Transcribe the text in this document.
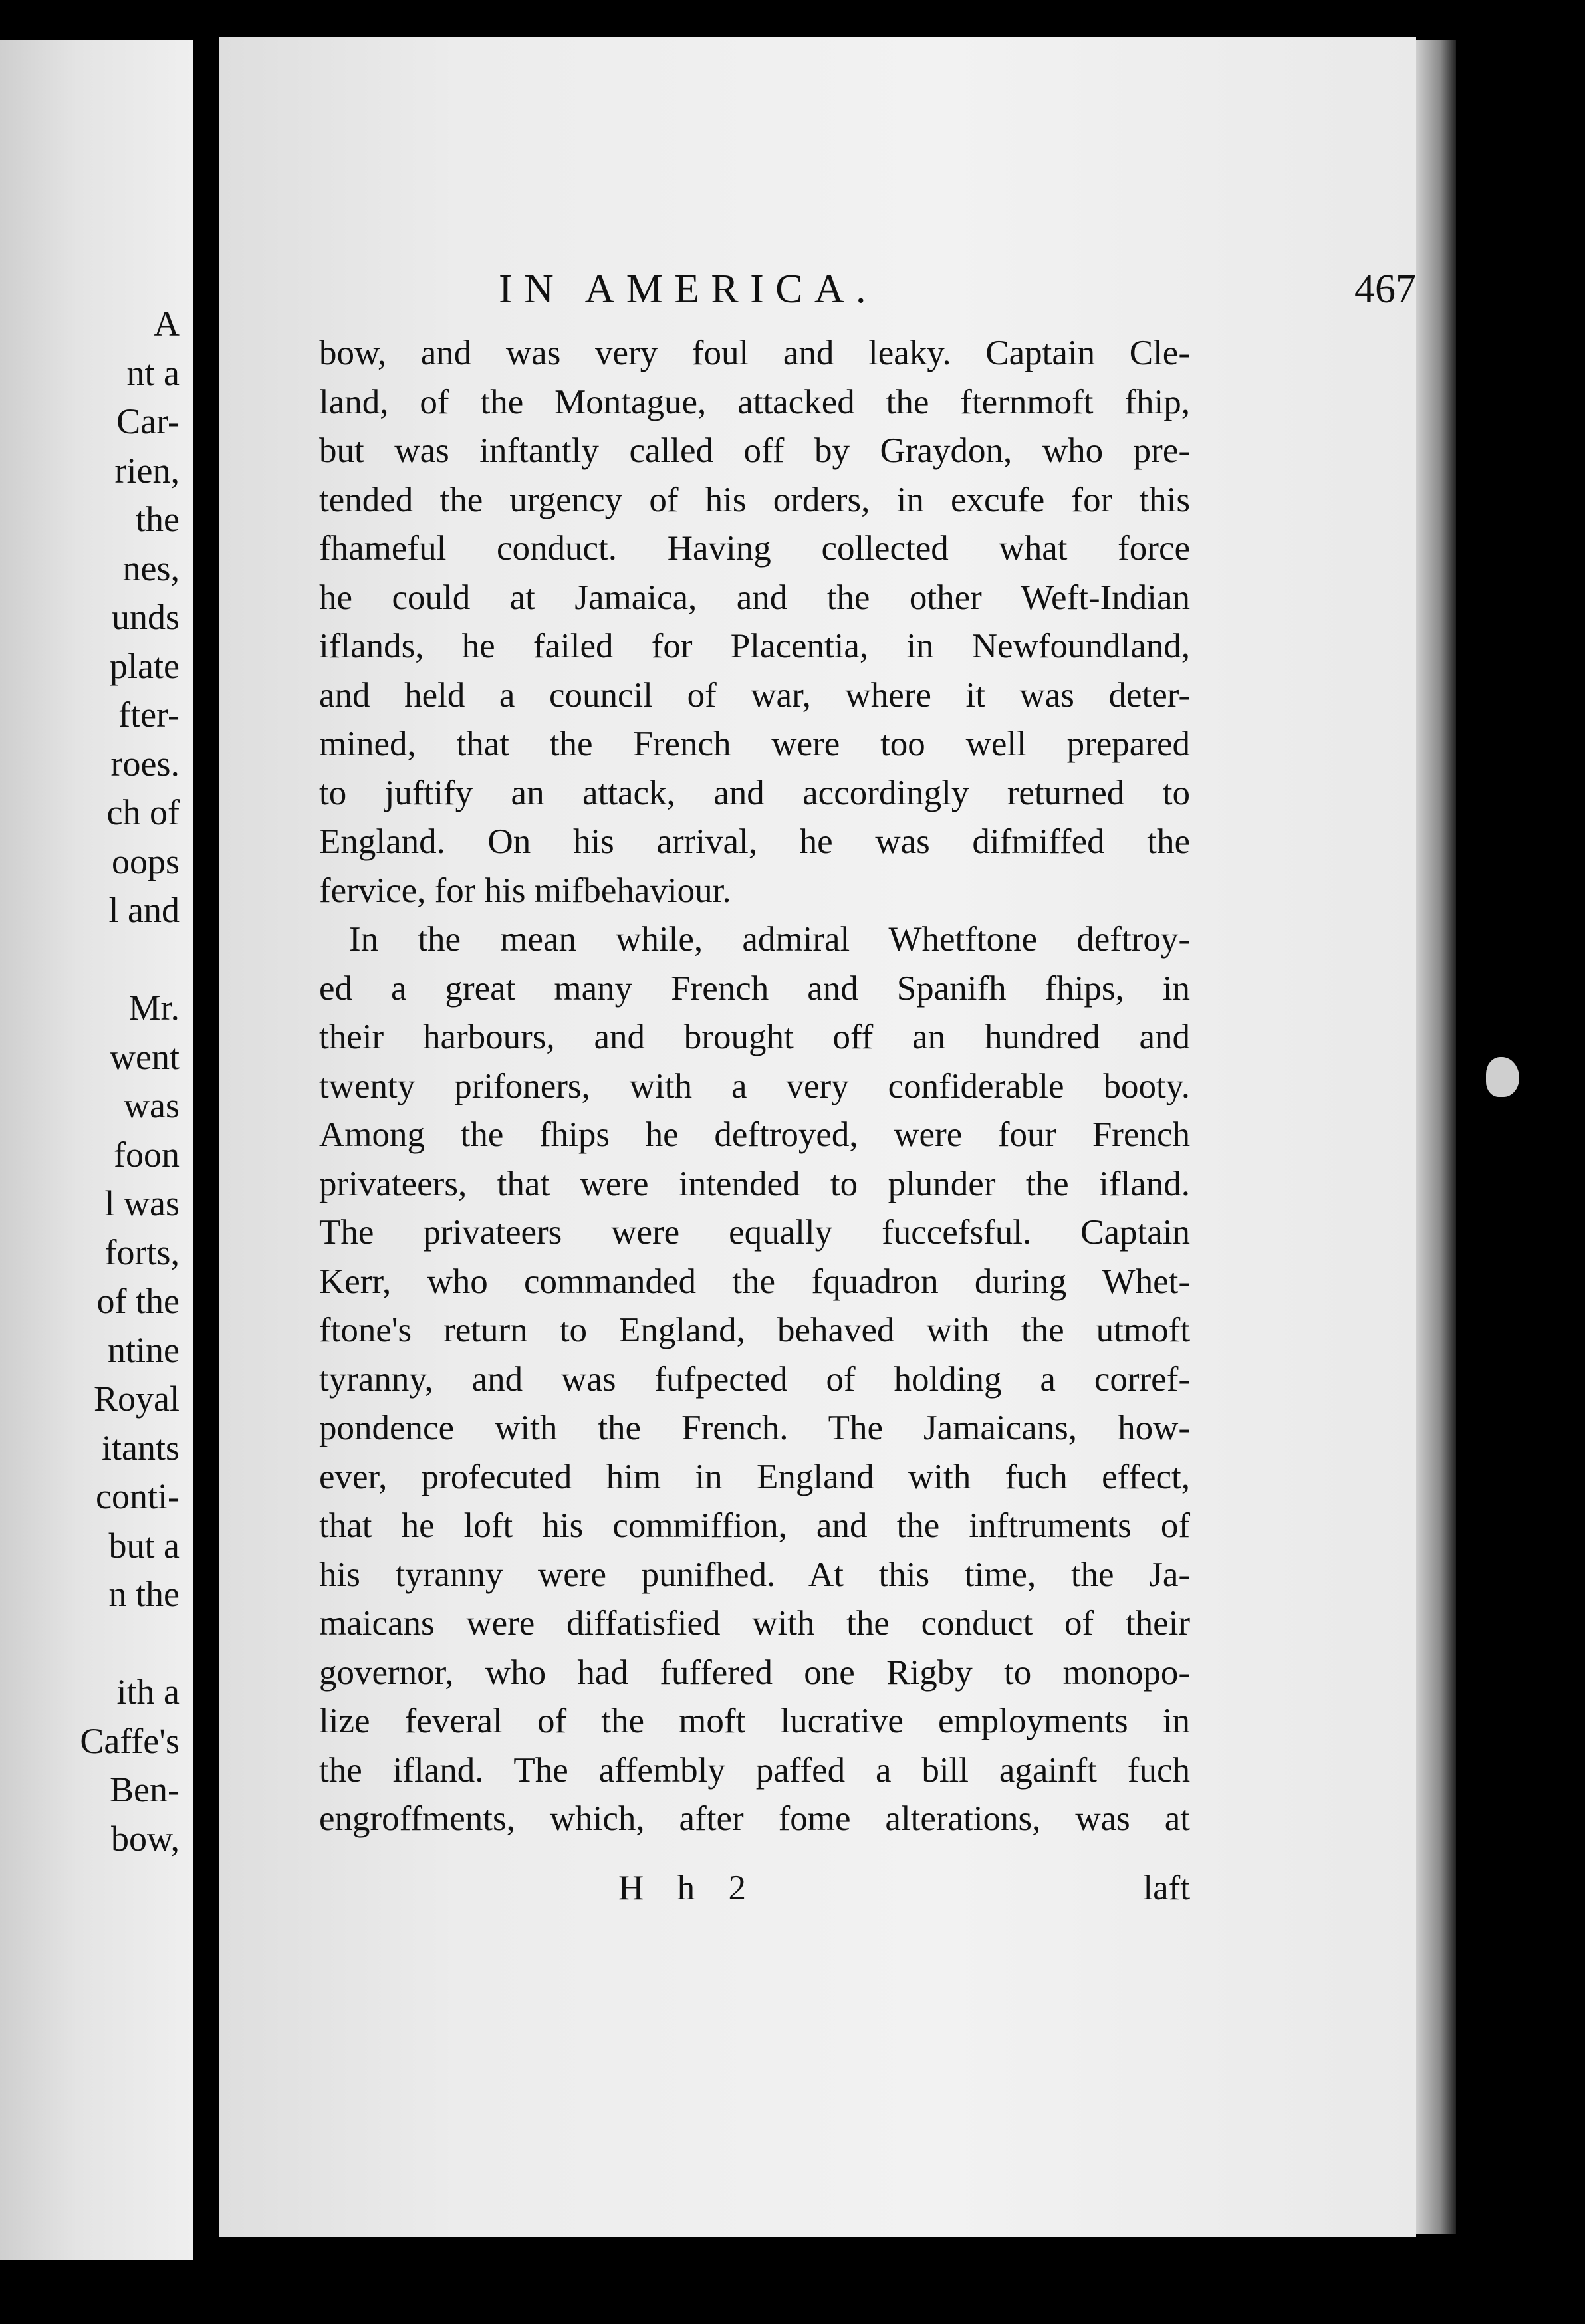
A
nt a
Car-
rien,
the
nes,
unds
plate
fter-
roes.
ch of
oops
l and
Mr.
went
was
foon
l was
forts,
of the
ntine
Royal
itants
conti-
but a
n the
ith a
Caffe's
Ben-
bow,
IN AMERICA.	467
bow, and was very foul and leaky. Captain Cle-
land, of the Montague, attacked the fternmoft fhip,
but was inftantly called off by Graydon, who pre-
tended the urgency of his orders, in excufe for this
fhameful conduct. Having collected what force
he could at Jamaica, and the other Weft-Indian
iflands, he failed for Placentia, in Newfoundland,
and held a council of war, where it was deter-
mined, that the French were too well prepared
to juftify an attack, and accordingly returned to
England. On his arrival, he was difmiffed the
fervice, for his mifbehaviour.
In the mean while, admiral Whetftone deftroy-
ed a great many French and Spanifh fhips, in
their harbours, and brought off an hundred and
twenty prifoners, with a very confiderable booty.
Among the fhips he deftroyed, were four French
privateers, that were intended to plunder the ifland.
The privateers were equally fuccefsful. Captain
Kerr, who commanded the fquadron during Whet-
ftone's return to England, behaved with the utmoft
tyranny, and was fufpected of holding a corref-
pondence with the French. The Jamaicans, how-
ever, profecuted him in England with fuch effect,
that he loft his commiffion, and the inftruments of
his tyranny were punifhed. At this time, the Ja-
maicans were diffatisfied with the conduct of their
governor, who had fuffered one Rigby to monopo-
lize feveral of the moft lucrative employments in
the ifland. The affembly paffed a bill againft fuch
engroffments, which, after fome alterations, was at
H h 2	laft
